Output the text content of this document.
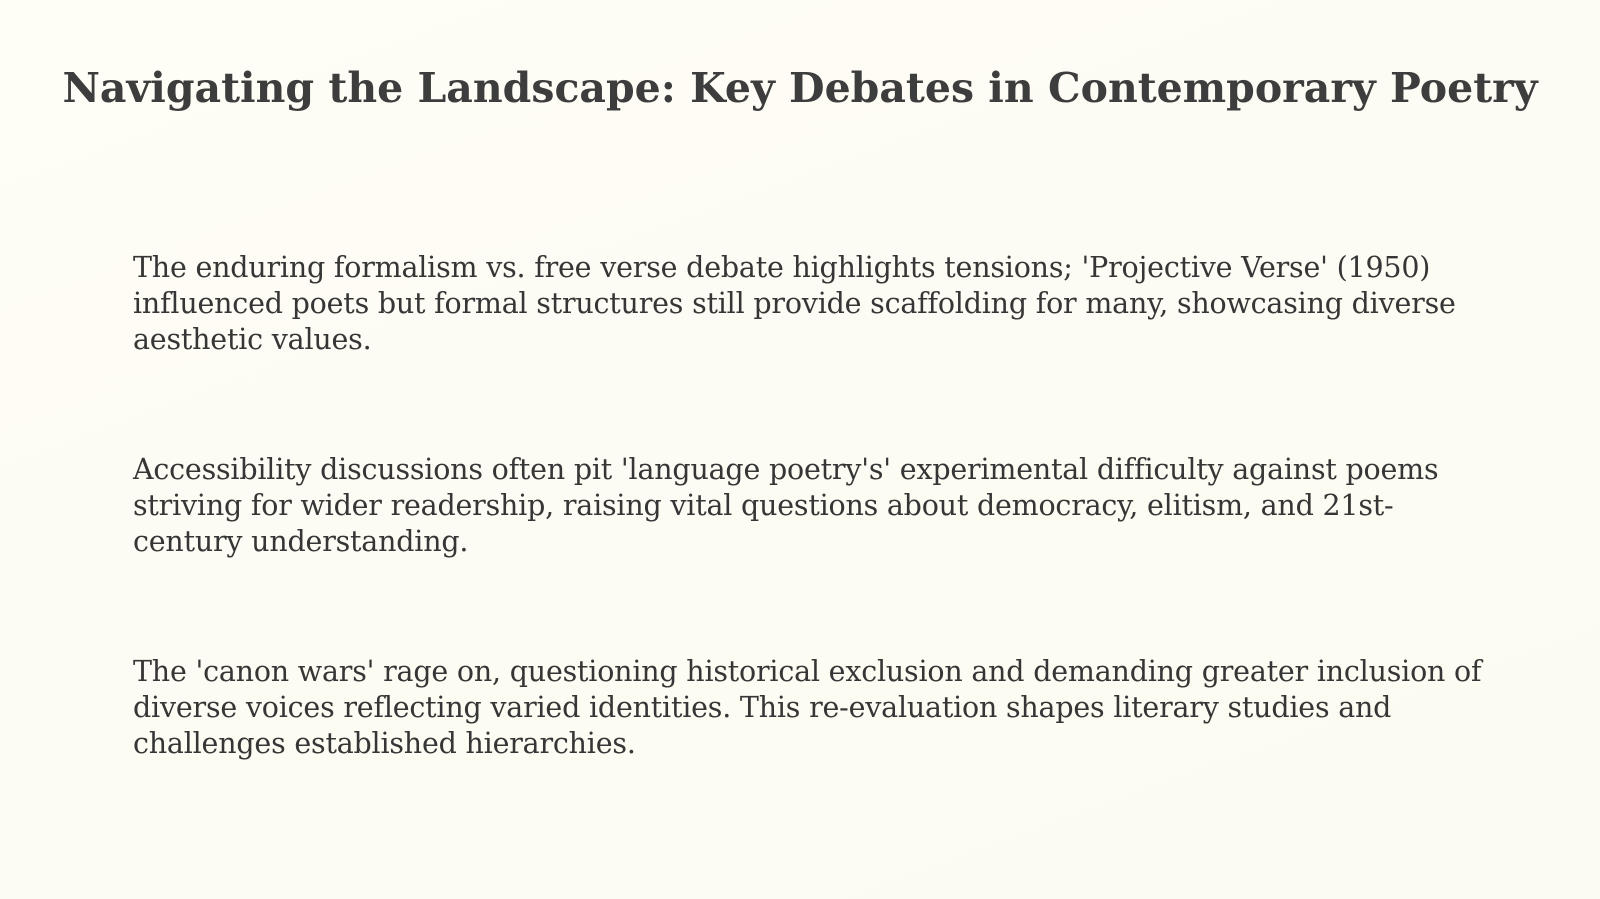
Navigating the Landscape: Key Debates in Contemporary Poetry

The enduring formalism vs. free verse debate highlights tensions; 'Projective Verse' (1950) influenced poets but formal structures still provide scaffolding for many, showcasing diverse aesthetic values.

Accessibility discussions often pit 'language poetry's' experimental difficulty against poems striving for wider readership, raising vital questions about democracy, elitism, and 21st-century understanding.

The 'canon wars' rage on, questioning historical exclusion and demanding greater inclusion of diverse voices reflecting varied identities. This re-evaluation shapes literary studies and challenges established hierarchies.
